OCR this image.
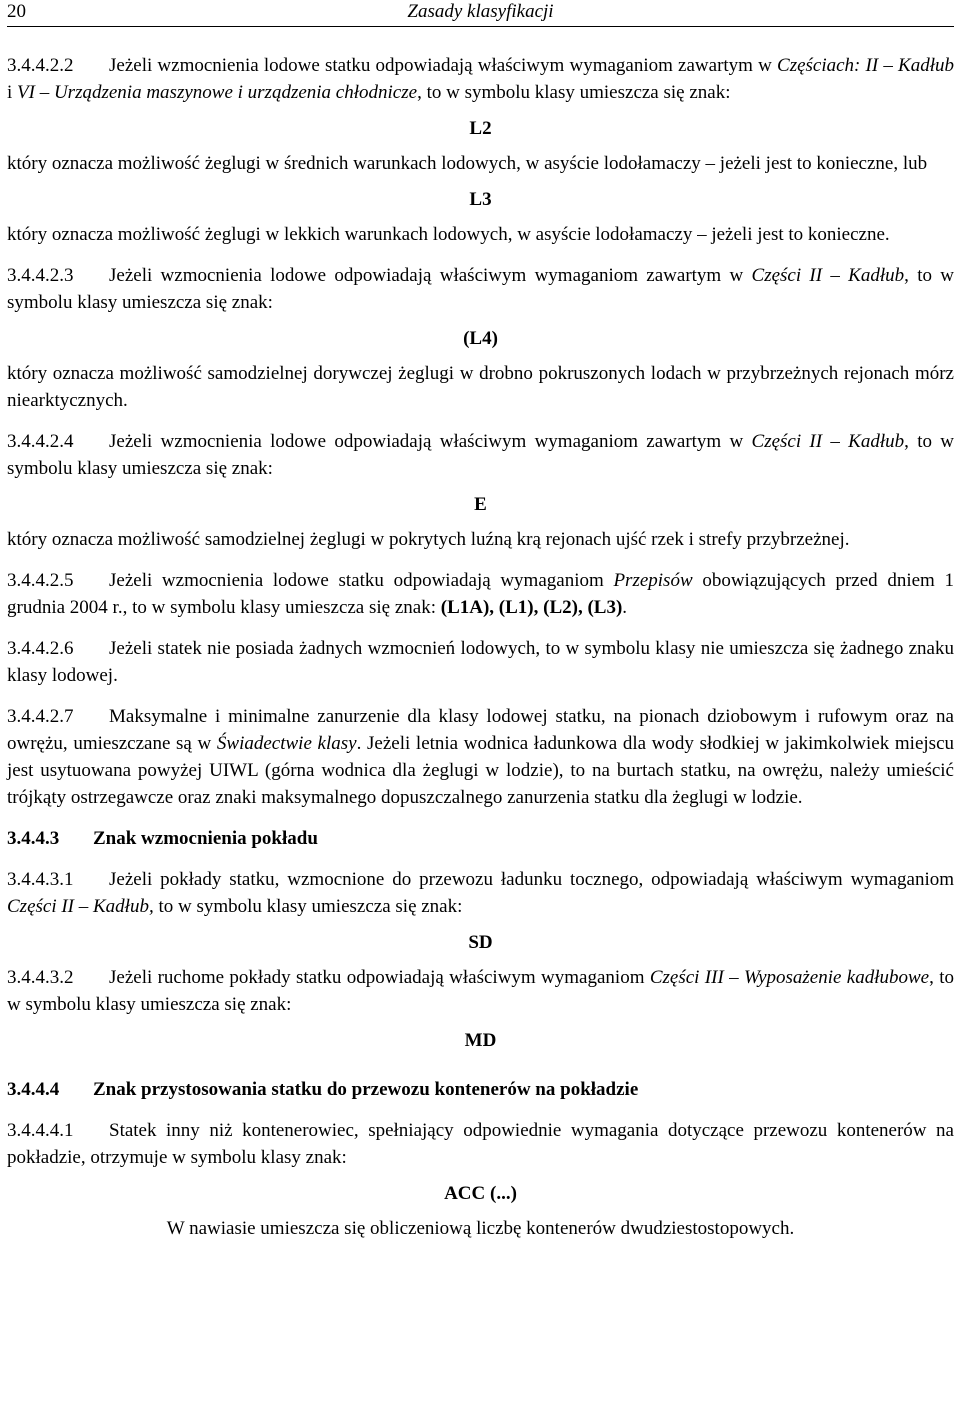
20	Zasady klasyfikacji

3.4.4.2.2 Jeżeli wzmocnienia lodowe statku odpowiadają właściwym wymaganiom zawartym w Częściach: II – Kadłub i VI – Urządzenia maszynowe i urządzenia chłodnicze, to w symbolu klasy umieszcza się znak:

L2

który oznacza możliwość żeglugi w średnich warunkach lodowych, w asyście lodołamaczy – jeżeli jest to konieczne, lub

L3

który oznacza możliwość żeglugi w lekkich warunkach lodowych, w asyście lodołamaczy – jeżeli jest to konieczne.

3.4.4.2.3 Jeżeli wzmocnienia lodowe odpowiadają właściwym wymaganiom zawartym w Części II – Kadłub, to w symbolu klasy umieszcza się znak:

(L4)

który oznacza możliwość samodzielnej dorywczej żeglugi w drobno pokruszonych lodach w przybrzeżnych rejonach mórz niearktycznych.

3.4.4.2.4 Jeżeli wzmocnienia lodowe odpowiadają właściwym wymaganiom zawartym w Części II – Kadłub, to w symbolu klasy umieszcza się znak:

E

który oznacza możliwość samodzielnej żeglugi w pokrytych luźną krą rejonach ujść rzek i strefy przybrzeżnej.

3.4.4.2.5 Jeżeli wzmocnienia lodowe statku odpowiadają wymaganiom Przepisów obowiązujących przed dniem 1 grudnia 2004 r., to w symbolu klasy umieszcza się znak: (L1A), (L1), (L2), (L3).

3.4.4.2.6 Jeżeli statek nie posiada żadnych wzmocnień lodowych, to w symbolu klasy nie umieszcza się żadnego znaku klasy lodowej.

3.4.4.2.7 Maksymalne i minimalne zanurzenie dla klasy lodowej statku, na pionach dziobowym i rufowym oraz na owrężu, umieszczane są w Świadectwie klasy. Jeżeli letnia wodnica ładunkowa dla wody słodkiej w jakimkolwiek miejscu jest usytuowana powyżej UIWL (górna wodnica dla żeglugi w lodzie), to na burtach statku, na owrężu, należy umieścić trójkąty ostrzegawcze oraz znaki maksymalnego dopuszczalnego zanurzenia statku dla żeglugi w lodzie.

3.4.4.3 Znak wzmocnienia pokładu

3.4.4.3.1 Jeżeli pokłady statku, wzmocnione do przewozu ładunku tocznego, odpowiadają właściwym wymaganiom Części II – Kadłub, to w symbolu klasy umieszcza się znak:

SD

3.4.4.3.2 Jeżeli ruchome pokłady statku odpowiadają właściwym wymaganiom Części III – Wyposażenie kadłubowe, to w symbolu klasy umieszcza się znak:

MD

3.4.4.4 Znak przystosowania statku do przewozu kontenerów na pokładzie

3.4.4.4.1 Statek inny niż kontenerowiec, spełniający odpowiednie wymagania dotyczące przewozu kontenerów na pokładzie, otrzymuje w symbolu klasy znak:

ACC (...)

W nawiasie umieszcza się obliczeniową liczbę kontenerów dwudziestostopowych.
